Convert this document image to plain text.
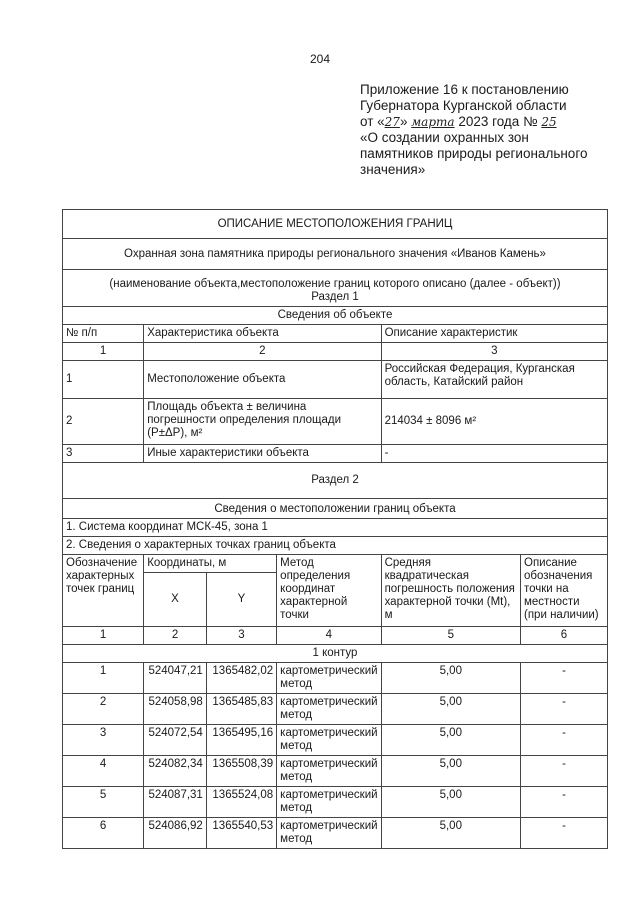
204
Приложение 16 к постановлению
Губернатора Курганской области
от «27» марта 2023 года № 25
«О создании охранных зон
памятников природы регионального
значения»
ОПИСАНИЕ МЕСТОПОЛОЖЕНИЯ ГРАНИЦ					
Охранная зона памятника природы регионального значения «Иванов Камень»					

(наименование объекта,местоположение границ которого описано (далее - объект))
Раздел 1					

Сведения об объекте					
№ п/п	Характеристика объекта			Описание характеристик	
1	2			3	
1	Местоположение объекта			Российская Федерация, Курганская область, Катайский район	
2	Площадь объекта ± величина погрешности определения площади (Р±ΔР), м²			214034 ± 8096 м²	
3	Иные характеристики объекта			-	
Раздел 2					
Сведения о местоположении границ объекта					
1. Система координат МСК-45, зона 1					
2. Сведения о характерных точках границ объекта					
Обозначение характерных точек границ	Координаты, м		Метод определения координат характерной точки	Средняя квадратическая погрешность положения характерной точки (Mt), м	Описание обозначения точки на местности (при наличии)
	X	Y			
1	2	3	4	5	6
1 контур					
1	524047,21	1365482,02	картометрический метод	5,00	-
2	524058,98	1365485,83	картометрический метод	5,00	-
3	524072,54	1365495,16	картометрический метод	5,00	-
4	524082,34	1365508,39	картометрический метод	5,00	-
5	524087,31	1365524,08	картометрический метод	5,00	-
6	524086,92	1365540,53	картометрический метод	5,00	-
